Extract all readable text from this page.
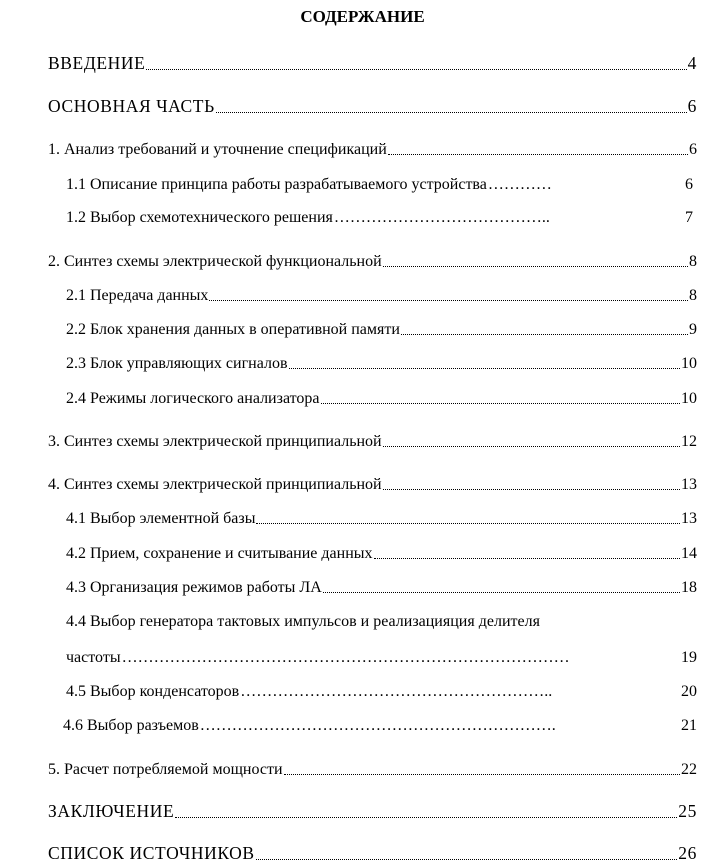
СОДЕРЖАНИЕ
ВВЕДЕНИЕ	4
ОСНОВНАЯ ЧАСТЬ	6
1. Анализ требований и уточнение спецификаций	6
1.1 Описание принципа работы разрабатываемого устройства …………	6
1.2 Выбор схемотехнического решения …………………………………..	7
2. Синтез схемы электрической функциональной	8
2.1 Передача данных	8
2.2 Блок хранения данных в оперативной памяти	9
2.3 Блок управляющих сигналов	10
2.4 Режимы логического анализатора	10
3. Синтез схемы электрической принципиальной	12
4. Синтез схемы электрической принципиальной	13
4.1 Выбор элементной базы	13
4.2 Прием, сохранение и считывание данных	14
4.3 Организация режимов работы ЛА	18
4.4 Выбор генератора тактовых импульсов и реализацияция делителя
частоты …………………………………………………………………………	19
4.5 Выбор конденсаторов …………………………………………………..	20
4.6 Выбор разъемов ………………………………………………………….	21
5. Расчет потребляемой мощности	22
ЗАКЛЮЧЕНИЕ	25
СПИСОК ИСТОЧНИКОВ	26
